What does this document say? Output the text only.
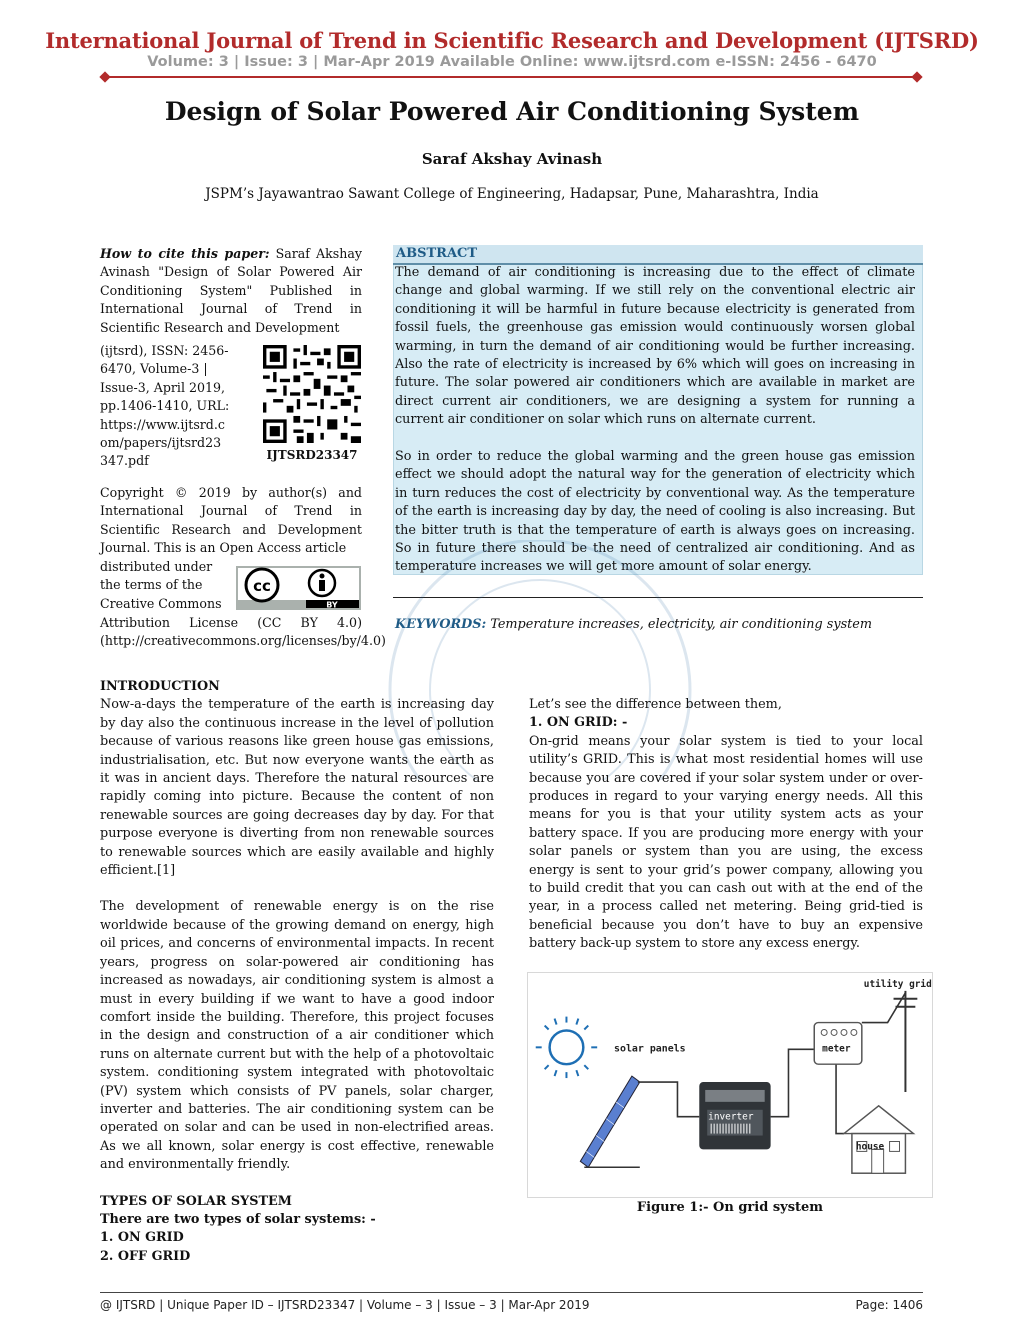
International Journal of Trend in Scientific Research and Development (IJTSRD)
Volume: 3 | Issue: 3 | Mar-Apr 2019 Available Online: www.ijtsrd.com e-ISSN: 2456 - 6470
Design of Solar Powered Air Conditioning System
Saraf Akshay Avinash
JSPM’s Jayawantrao Sawant College of Engineering, Hadapsar, Pune, Maharashtra, India

How to cite this paper: Saraf Akshay Avinash "Design of Solar Powered Air Conditioning System" Published in International Journal of Trend in Scientific Research and Development

(ijtsrd), ISSN: 2456-
6470, Volume-3 |
Issue-3, April 2019,
pp.1406-1410, URL:
https://www.ijtsrd.c
om/papers/ijtsrd23
347.pdf	IJTSRD23347

Copyright © 2019 by author(s) and International Journal of Trend in Scientific Research and Development Journal. This is an Open Access article

distributed under
the terms of the
Creative Commons
cc
BY

Attribution License (CC BY 4.0) (http://creativecommons.org/licenses/by/4.0)

ABSTRACT
The demand of air conditioning is increasing due to the effect of climate change and global warming. If we still rely on the conventional electric air conditioning it will be harmful in future because electricity is generated from fossil fuels, the greenhouse gas emission would continuously worsen global warming, in turn the demand of air conditioning would be further increasing. Also the rate of electricity is increased by 6% which will goes on increasing in future. The solar powered air conditioners which are available in market are direct current air conditioners, we are designing a system for running a current air conditioner on solar which runs on alternate current.
So in order to reduce the global warming and the green house gas emission effect we should adopt the natural way for the generation of electricity which in turn reduces the cost of electricity by conventional way. As the temperature of the earth is increasing day by day, the need of cooling is also increasing. But the bitter truth is that the temperature of earth is always goes on increasing. So in future there should be the need of centralized air conditioning. And as temperature increases we will get more amount of solar energy.
KEYWORDS: Temperature increases, electricity, air conditioning system

INTRODUCTION

Now-a-days the temperature of the earth is increasing day by day also the continuous increase in the level of pollution because of various reasons like green house gas emissions, industrialisation, etc. But now everyone wants the earth as it was in ancient days. Therefore the natural resources are rapidly coming into picture. Because the content of non renewable sources are going decreases day by day. For that purpose everyone is diverting from non renewable sources to renewable sources which are easily available and highly efficient.[1]

The development of renewable energy is on the rise worldwide because of the growing demand on energy, high oil prices, and concerns of environmental impacts. In recent years, progress on solar-powered air conditioning has increased as nowadays, air conditioning system is almost a must in every building if we want to have a good indoor comfort inside the building. Therefore, this project focuses in the design and construction of a air conditioner which runs on alternate current but with the help of a photovoltaic system. conditioning system integrated with photovoltaic (PV) system which consists of PV panels, solar charger, inverter and batteries. The air conditioning system can be operated on solar and can be used in non-electrified areas. As we all known, solar energy is cost effective, renewable and environmentally friendly.

TYPES OF SOLAR SYSTEM

There are two types of solar systems: -

1. ON GRID

2. OFF GRID

Let’s see the difference between them,

1. ON GRID: -

On-grid means your solar system is tied to your local utility’s GRID. This is what most residential homes will use because you are covered if your solar system under or over-produces in regard to your varying energy needs. All this means for you is that your utility system acts as your battery space. If you are producing more energy with your solar panels or system than you are using, the excess energy is sent to your grid’s power company, allowing you to build credit that you can cash out with at the end of the year, in a process called net metering. Being grid-tied is beneficial because you don’t have to buy an expensive battery back-up system to store any excess energy.

solar panels
inverter
meter
utility grid
house
Figure 1:- On grid system
@ IJTSRD | Unique Paper ID – IJTSRD23347 | Volume – 3 | Issue – 3 | Mar-Apr 2019	Page: 1406
